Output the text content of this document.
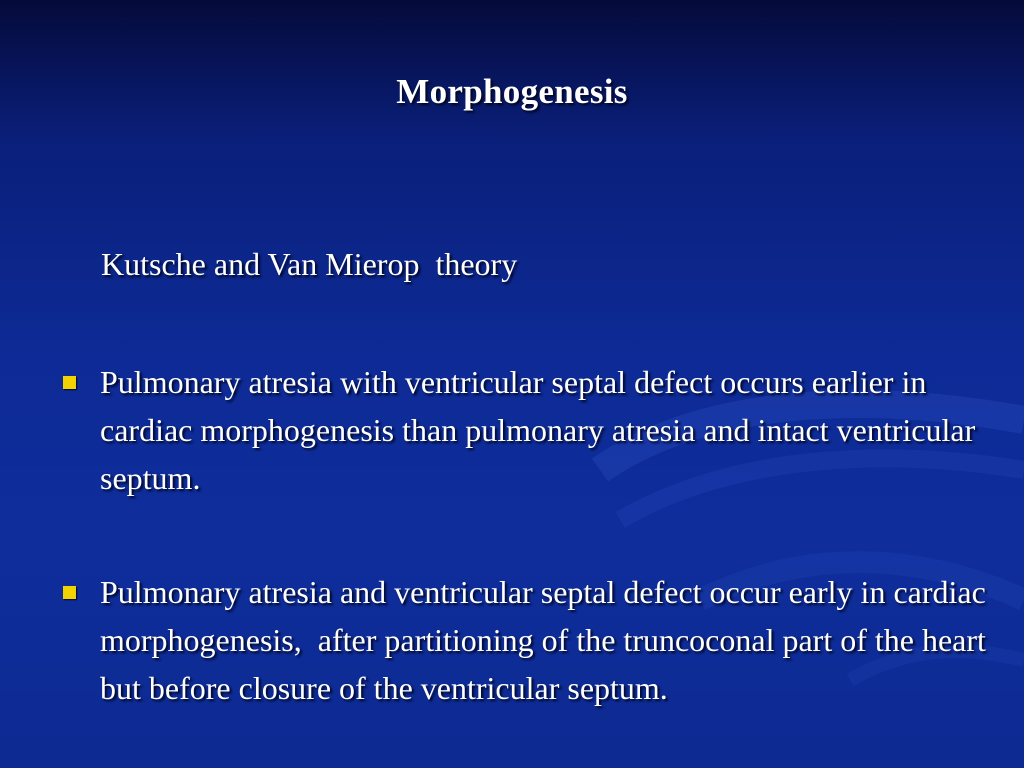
Morphogenesis
Kutsche and Van Mierop  theory
Pulmonary atresia with ventricular septal defect occurs earlier in cardiac morphogenesis than pulmonary atresia and intact ventricular septum.
Pulmonary atresia and ventricular septal defect occur early in cardiac morphogenesis,  after partitioning of the truncoconal part of the heart but before closure of the ventricular septum.
